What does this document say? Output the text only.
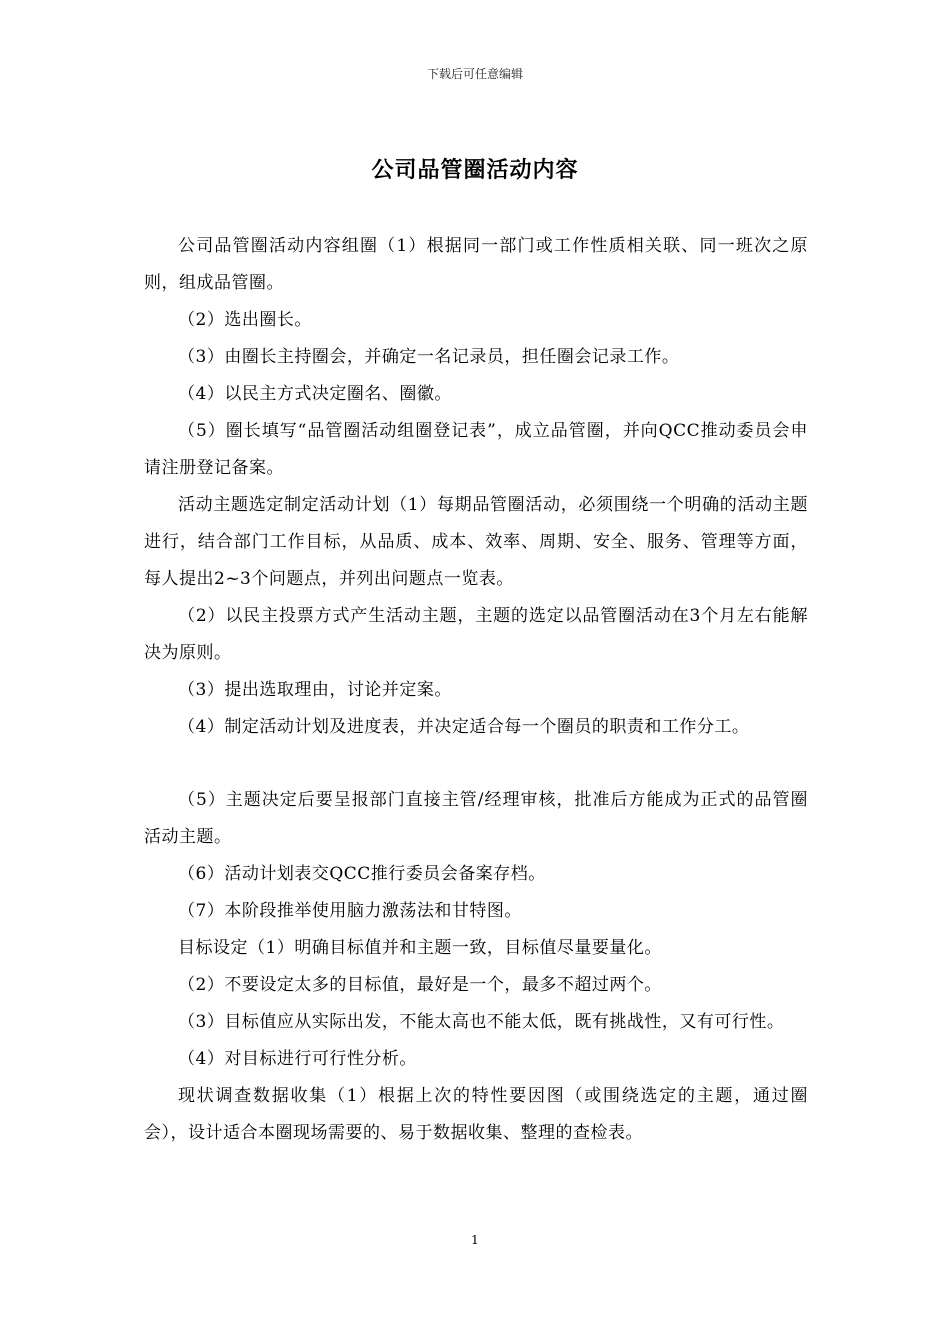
下载后可任意编辑
公司品管圈活动内容

公司品管圈活动内容组圈（1）根据同一部门或工作性质相关联、同一班次之原则，组成品管圈。

（2）选出圈长。

（3）由圈长主持圈会，并确定一名记录员，担任圈会记录工作。

（4）以民主方式决定圈名、圈徽。

（5）圈长填写“品管圈活动组圈登记表”，成立品管圈，并向QCC推动委员会申请注册登记备案。

活动主题选定制定活动计划（1）每期品管圈活动，必须围绕一个明确的活动主题进行，结合部门工作目标，从品质、成本、效率、周期、安全、服务、管理等方面，每人提出2~3个问题点，并列出问题点一览表。

（2）以民主投票方式产生活动主题，主题的选定以品管圈活动在3个月左右能解决为原则。

（3）提出选取理由，讨论并定案。

（4）制定活动计划及进度表，并决定适合每一个圈员的职责和工作分工。

（5）主题决定后要呈报部门直接主管/经理审核，批准后方能成为正式的品管圈活动主题。

（6）活动计划表交QCC推行委员会备案存档。

（7）本阶段推举使用脑力激荡法和甘特图。

目标设定（1）明确目标值并和主题一致，目标值尽量要量化。

（2）不要设定太多的目标值，最好是一个，最多不超过两个。

（3）目标值应从实际出发，不能太高也不能太低，既有挑战性，又有可行性。

（4）对目标进行可行性分析。

现状调查数据收集（1）根据上次的特性要因图（或围绕选定的主题，通过圈会），设计适合本圈现场需要的、易于数据收集、整理的查检表。

1
